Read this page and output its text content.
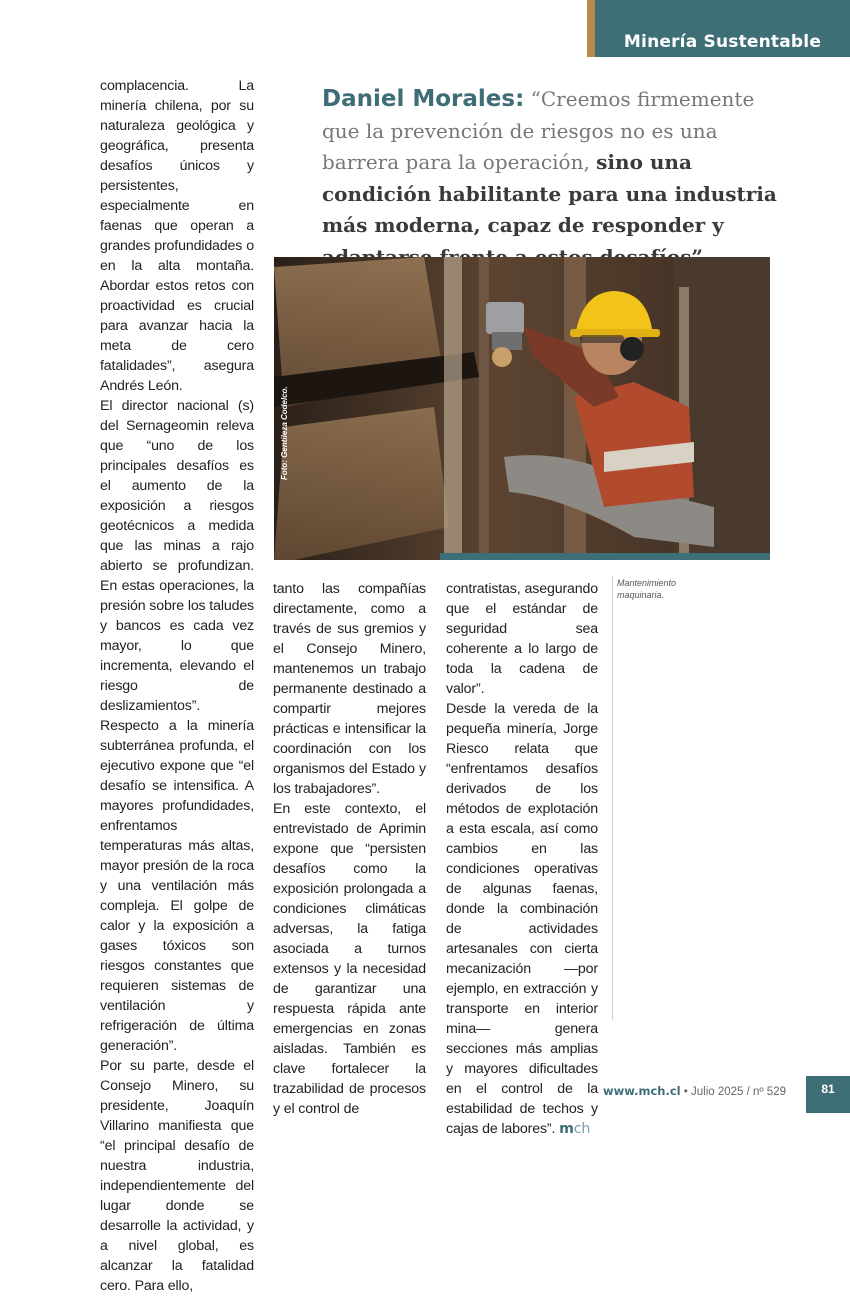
Minería Sustentable
Daniel Morales: “Creemos firmemente que la prevención de riesgos no es una barrera para la operación, sino una condición habilitante para una industria más moderna, capaz de responder y

complacencia. La minería chilena, por su naturaleza geológica y geográfica, presenta desafíos únicos y persistentes, especialmente en faenas que operan a grandes profundidades o en la alta montaña. Abordar estos retos con proactividad es crucial para avanzar hacia la meta de cero fatalidades”, asegura Andrés León.

El director nacional (s) del Sernageomin releva que “uno de los principales desafíos es el aumento de la exposición a riesgos geotécnicos a medida que las minas a rajo abierto se profundizan. En estas operaciones, la presión sobre los taludes y bancos es cada vez mayor, lo que incrementa, elevando el riesgo de deslizamientos”.

Respecto a la minería subterránea profunda, el ejecutivo expone que “el desafío se intensifica. A mayores profundidades, enfrentamos temperaturas más altas, mayor presión de la roca y una ventilación más compleja. El golpe de calor y la exposición a gases tóxicos son riesgos constantes que requieren sistemas de ventilación y refrigeración de última generación”.

Por su parte, desde el Consejo Minero, su presidente, Joaquín Villarino manifiesta que “el principal desafío de nuestra industria, independientemente del lugar donde se desarrolle la actividad, y a nivel global, es alcanzar la fatalidad cero. Para ello,

Foto: Gentileza Codelco.

tanto las compañías directamente, como a través de sus gremios y el Consejo Minero, mantenemos un trabajo permanente destinado a compartir mejores prácticas e intensificar la coordinación con los organismos del Estado y los trabajadores”.

En este contexto, el entrevistado de Aprimin expone que “persisten desafíos como la exposición prolongada a condiciones climáticas adversas, la fatiga asociada a turnos extensos y la necesidad de garantizar una respuesta rápida ante emergencias en zonas aisladas. También es clave fortalecer la trazabilidad de procesos y el control de

contratistas, asegurando que el estándar de seguridad sea coherente a lo largo de toda la cadena de valor”.

Desde la vereda de la pequeña minería, Jorge Riesco relata que “enfrentamos desafíos derivados de los métodos de explotación a esta escala, así como cambios en las condiciones operativas de algunas faenas, donde la combinación de actividades artesanales con cierta mecanización —por ejemplo, en extracción y transporte en interior mina— genera secciones más amplias y mayores dificultades en el control de la estabilidad de techos y cajas de labores”. mch

Mantenimiento maquinaria.
www.mch.cl • Julio 2025 / nº 529	81
